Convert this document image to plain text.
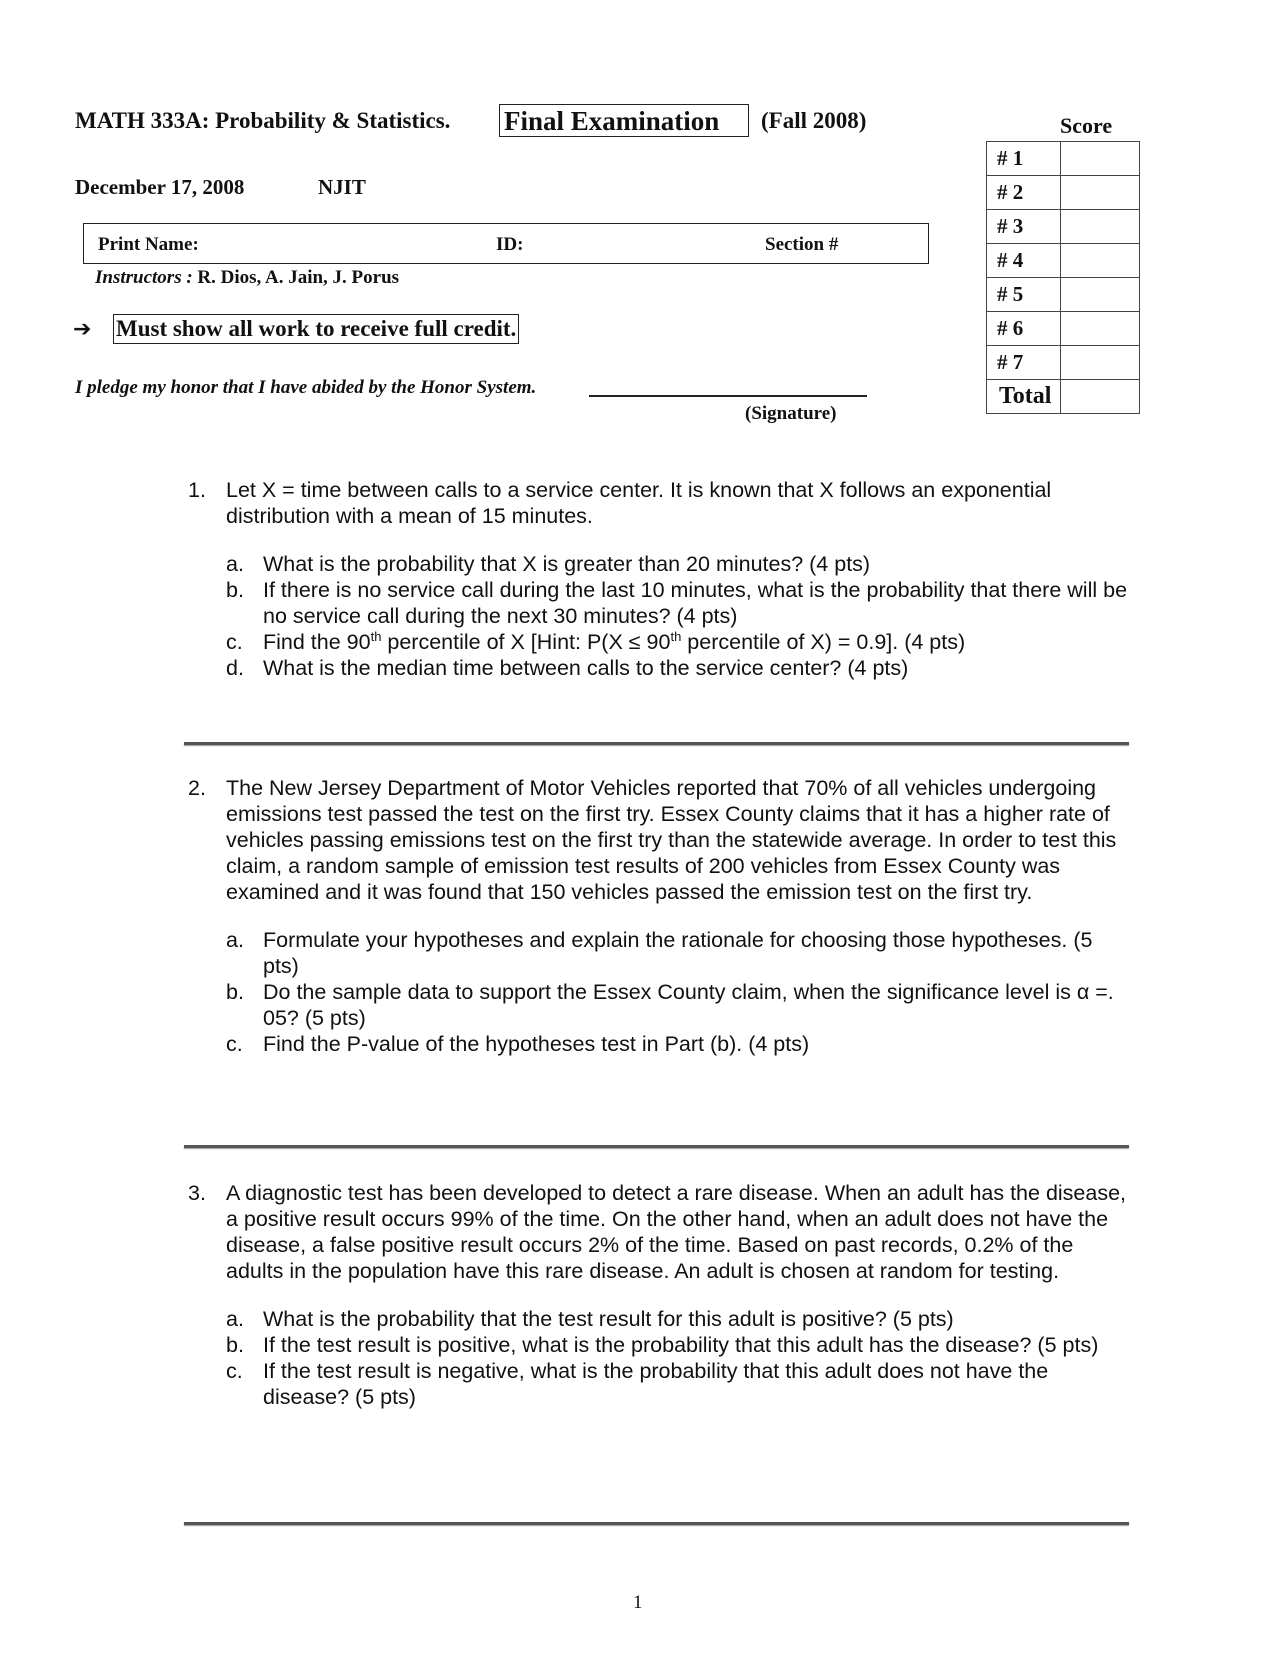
MATH 333A: Probability & Statistics. Final Examination	(Fall 2008)
December 17, 2008	NJIT
Print Name:	ID:	Section #
Instructors : R. Dios, A. Jain, J. Porus
➔ Must show all work to receive full credit.
I pledge my honor that I have abided by the Honor System.
(Signature)
Score
# 1	
# 2	
# 3	
# 4	
# 5	
# 6	
# 7	
Total	
1. Let X = time between calls to a service center. It is known that X follows an exponential distribution with a mean of 15 minutes.
a. What is the probability that X is greater than 20 minutes? (4 pts)
b. If there is no service call during the last 10 minutes, what is the probability that there will be no service call during the next 30 minutes? (4 pts)
c. Find the 90th percentile of X [Hint: P(X ≤ 90th percentile of X) = 0.9]. (4 pts)
d. What is the median time between calls to the service center? (4 pts)
2. The New Jersey Department of Motor Vehicles reported that 70% of all vehicles undergoing emissions test passed the test on the first try. Essex County claims that it has a higher rate of vehicles passing emissions test on the first try than the statewide average. In order to test this claim, a random sample of emission test results of 200 vehicles from Essex County was examined and it was found that 150 vehicles passed the emission test on the first try.
a. Formulate your hypotheses and explain the rationale for choosing those hypotheses. (5 pts)
b. Do the sample data to support the Essex County claim, when the significance level is α =. 05? (5 pts)
c. Find the P-value of the hypotheses test in Part (b). (4 pts)
3. A diagnostic test has been developed to detect a rare disease. When an adult has the disease, a positive result occurs 99% of the time. On the other hand, when an adult does not have the disease, a false positive result occurs 2% of the time. Based on past records, 0.2% of the adults in the population have this rare disease. An adult is chosen at random for testing.
a. What is the probability that the test result for this adult is positive? (5 pts)
b. If the test result is positive, what is the probability that this adult has the disease? (5 pts)
c. If the test result is negative, what is the probability that this adult does not have the disease? (5 pts)
1
